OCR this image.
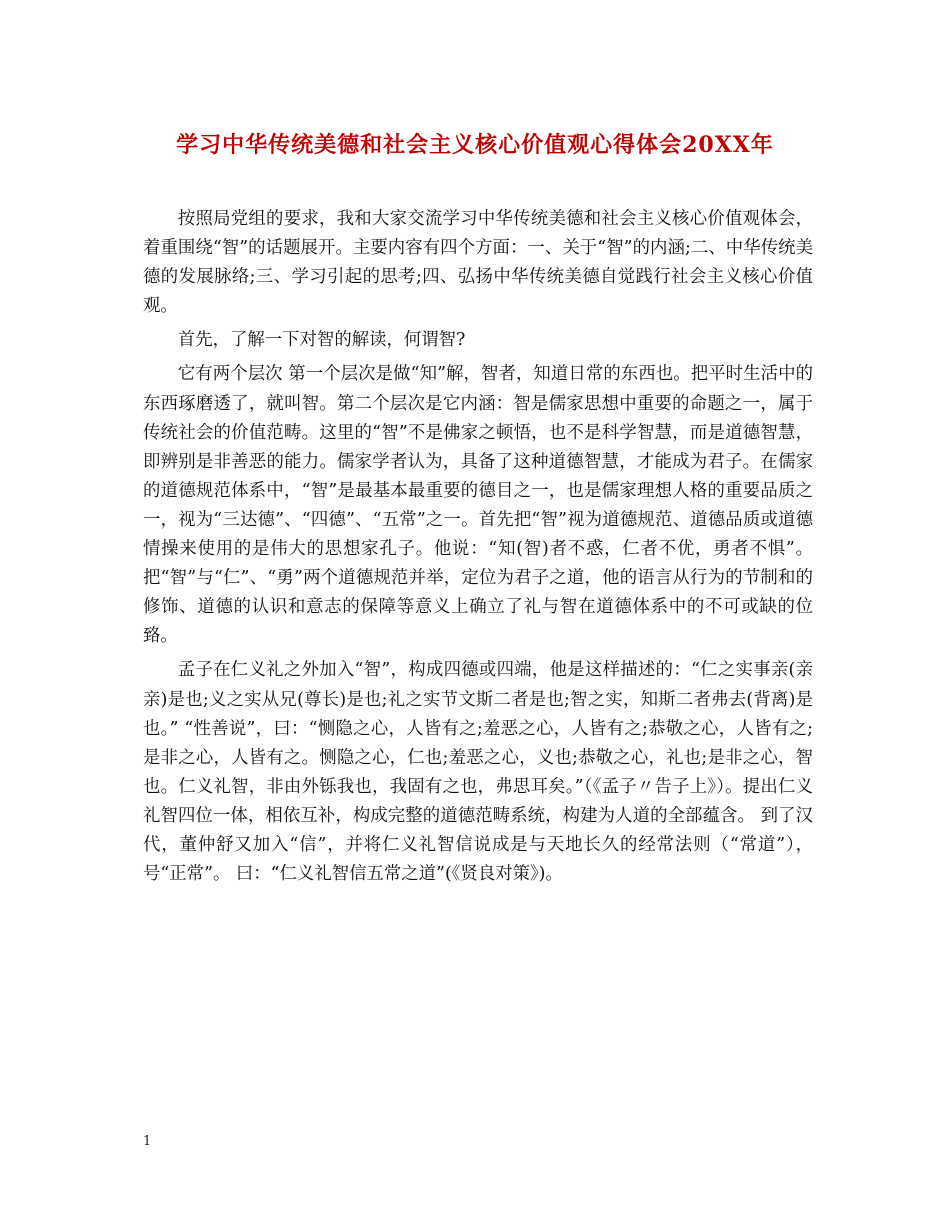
学习中华传统美德和社会主义核心价值观心得体会20XX年

按照局党组的要求，我和大家交流学习中华传统美德和社会主义核心价值观体会，着重围绕“智”的话题展开。主要内容有四个方面：一、关于“智”的内涵;二、中华传统美德的发展脉络;三、学习引起的思考;四、弘扬中华传统美德自觉践行社会主义核心价值观。

首先，了解一下对智的解读，何谓智?

它有两个层次 第一个层次是做“知”解，智者，知道日常的东西也。把平时生活中的东西琢磨透了，就叫智。第二个层次是它内涵：智是儒家思想中重要的命题之一，属于传统社会的价值范畴。这里的“智”不是佛家之顿悟，也不是科学智慧，而是道德智慧，即辨别是非善恶的能力。儒家学者认为，具备了这种道德智慧，才能成为君子。在儒家的道德规范体系中，“智”是最基本最重要的德目之一，也是儒家理想人格的重要品质之一，视为“三达德”、“四德”、“五常”之一。首先把“智”视为道德规范、道德品质或道德情操来使用的是伟大的思想家孔子。他说：“知(智)者不惑，仁者不优，勇者不惧”。把“智”与“仁”、“勇”两个道德规范并举，定位为君子之道，他的语言从行为的节制和的修饰、道德的认识和意志的保障等意义上确立了礼与智在道德体系中的不可或缺的位臵。

孟子在仁义礼之外加入“智”，构成四德或四端，他是这样描述的：“仁之实事亲(亲亲)是也;义之实从兄(尊长)是也;礼之实节文斯二者是也;智之实，知斯二者弗去(背离)是也。” “性善说”，曰：“恻隐之心，人皆有之;羞恶之心，人皆有之;恭敬之心，人皆有之;是非之心，人皆有之。恻隐之心，仁也;羞恶之心，义也;恭敬之心，礼也;是非之心，智也。仁义礼智，非由外铄我也，我固有之也，弗思耳矣。”（《孟子〃告子上》）。提出仁义礼智四位一体，相依互补，构成完整的道德范畴系统，构建为人道的全部蕴含。 到了汉代，董仲舒又加入“信”，并将仁义礼智信说成是与天地长久的经常法则（“常道”），号“正常”。 曰：“仁义礼智信五常之道”(《贤良对策》)。

1
